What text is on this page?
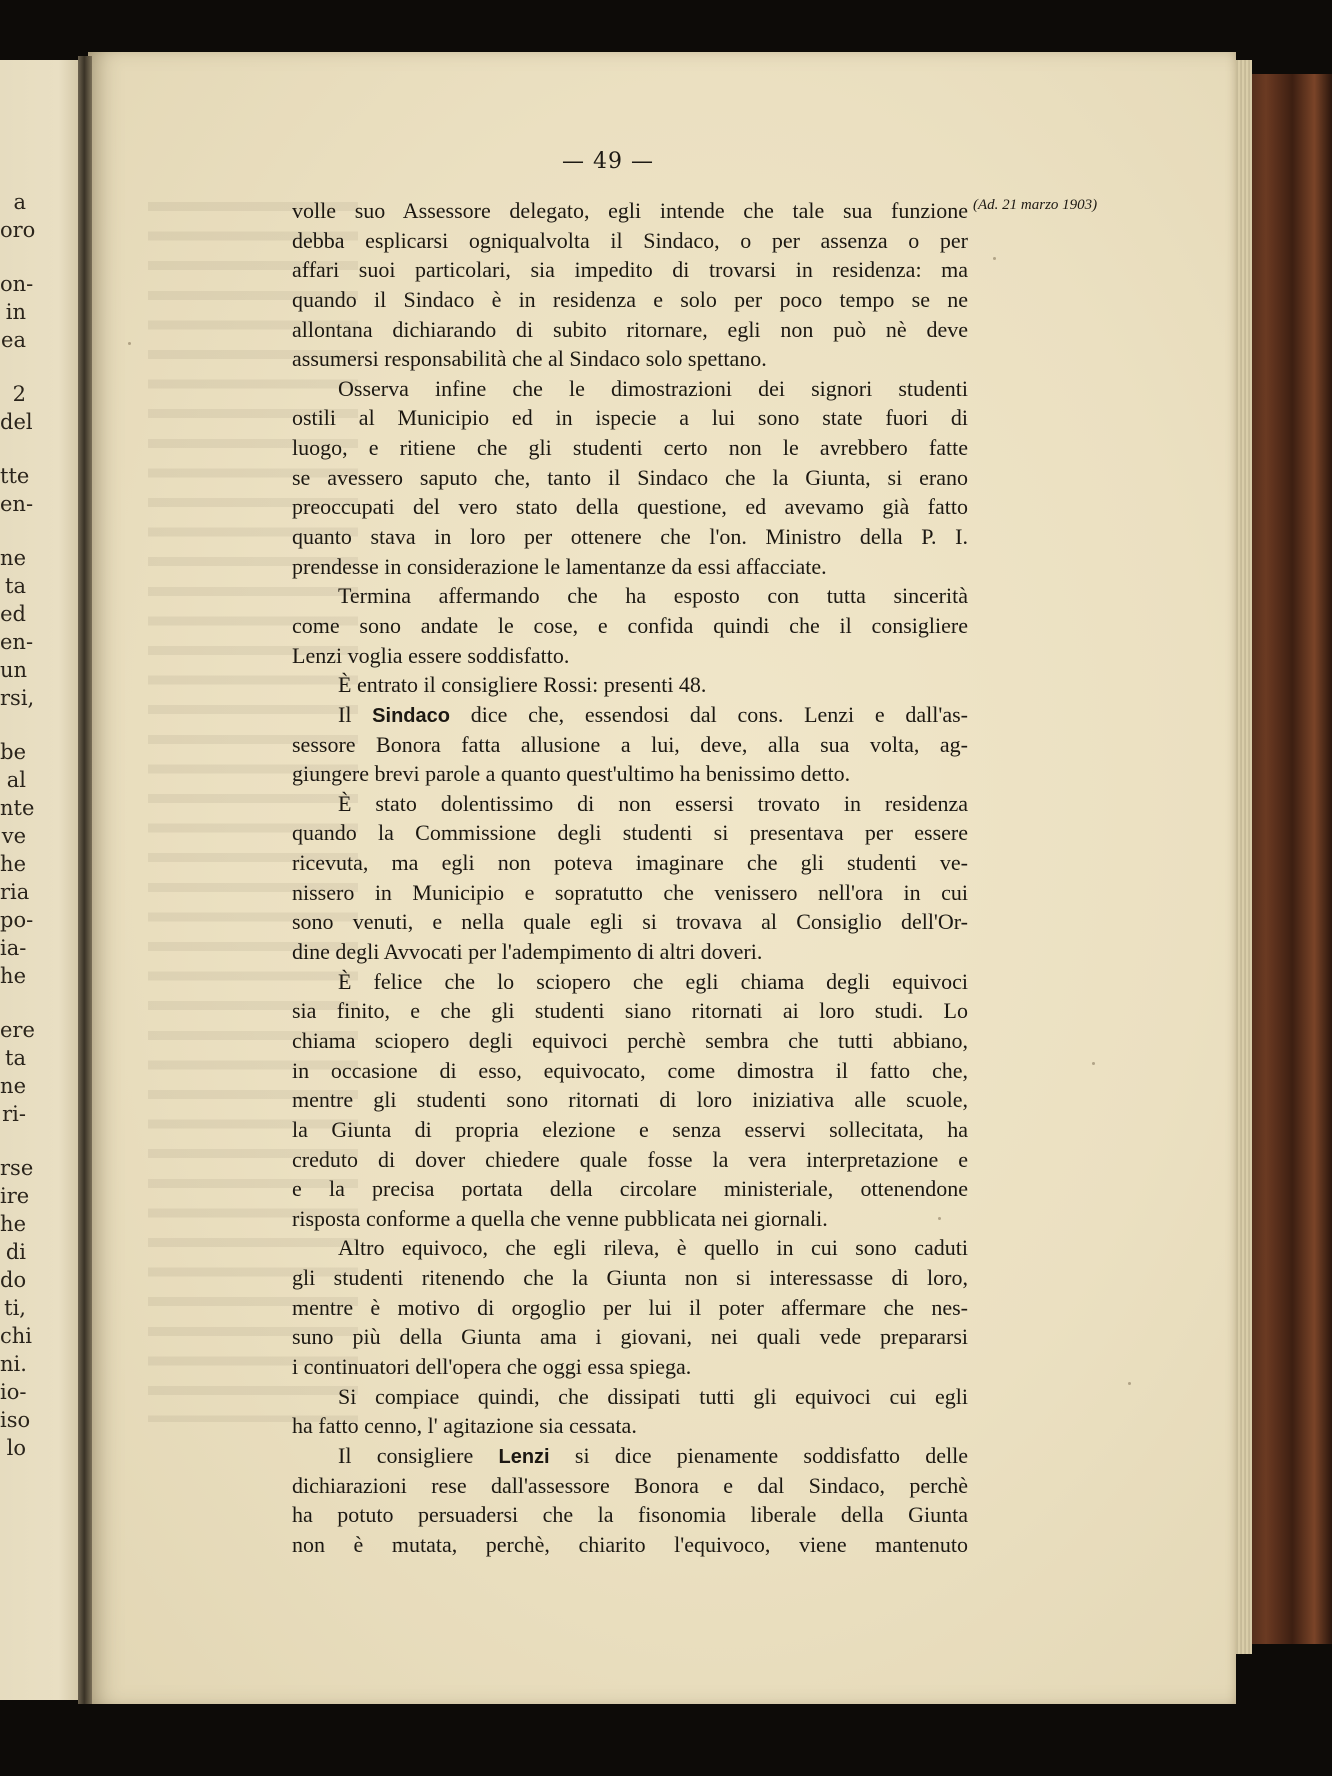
a
oro
on-
in
ea
2
del
tte
en-
ne
ta
ed
en-
un
rsi,
be
al
nte
ve
he
ria
po-
ia-
he
ere
ta
ne
ri-
rse
ire
he
di
do
ti,
chi
ni.
io-
iso
lo
— 49 —
(Ad. 21 marzo 1903)
volle suo Assessore delegato, egli intende che tale sua funzione
debba esplicarsi ogniqualvolta il Sindaco, o per assenza o per
affari suoi particolari, sia impedito di trovarsi in residenza: ma
quando il Sindaco è in residenza e solo per poco tempo se ne
allontana dichiarando di subito ritornare, egli non può nè deve
assumersi responsabilità che al Sindaco solo spettano.
Osserva infine che le dimostrazioni dei signori studenti
ostili al Municipio ed in ispecie a lui sono state fuori di
luogo, e ritiene che gli studenti certo non le avrebbero fatte
se avessero saputo che, tanto il Sindaco che la Giunta, si erano
preoccupati del vero stato della questione, ed avevamo già fatto
quanto stava in loro per ottenere che l'on. Ministro della P. I.
prendesse in considerazione le lamentanze da essi affacciate.
Termina affermando che ha esposto con tutta sincerità
come sono andate le cose, e confida quindi che il consigliere
Lenzi voglia essere soddisfatto.
È entrato il consigliere Rossi: presenti 48.
Il Sindaco dice che, essendosi dal cons. Lenzi e dall'as-
sessore Bonora fatta allusione a lui, deve, alla sua volta, ag-
giungere brevi parole a quanto quest'ultimo ha benissimo detto.
È stato dolentissimo di non essersi trovato in residenza
quando la Commissione degli studenti si presentava per essere
ricevuta, ma egli non poteva imaginare che gli studenti ve-
nissero in Municipio e sopratutto che venissero nell'ora in cui
sono venuti, e nella quale egli si trovava al Consiglio dell'Or-
dine degli Avvocati per l'adempimento di altri doveri.
È felice che lo sciopero che egli chiama degli equivoci
sia finito, e che gli studenti siano ritornati ai loro studi. Lo
chiama sciopero degli equivoci perchè sembra che tutti abbiano,
in occasione di esso, equivocato, come dimostra il fatto che,
mentre gli studenti sono ritornati di loro iniziativa alle scuole,
la Giunta di propria elezione e senza esservi sollecitata, ha
creduto di dover chiedere quale fosse la vera interpretazione e
e la precisa portata della circolare ministeriale, ottenendone
risposta conforme a quella che venne pubblicata nei giornali.
Altro equivoco, che egli rileva, è quello in cui sono caduti
gli studenti ritenendo che la Giunta non si interessasse di loro,
mentre è motivo di orgoglio per lui il poter affermare che nes-
suno più della Giunta ama i giovani, nei quali vede prepararsi
i continuatori dell'opera che oggi essa spiega.
Si compiace quindi, che dissipati tutti gli equivoci cui egli
ha fatto cenno, l' agitazione sia cessata.
Il consigliere Lenzi si dice pienamente soddisfatto delle
dichiarazioni rese dall'assessore Bonora e dal Sindaco, perchè
ha potuto persuadersi che la fisonomia liberale della Giunta
non è mutata, perchè, chiarito l'equivoco, viene mantenuto
